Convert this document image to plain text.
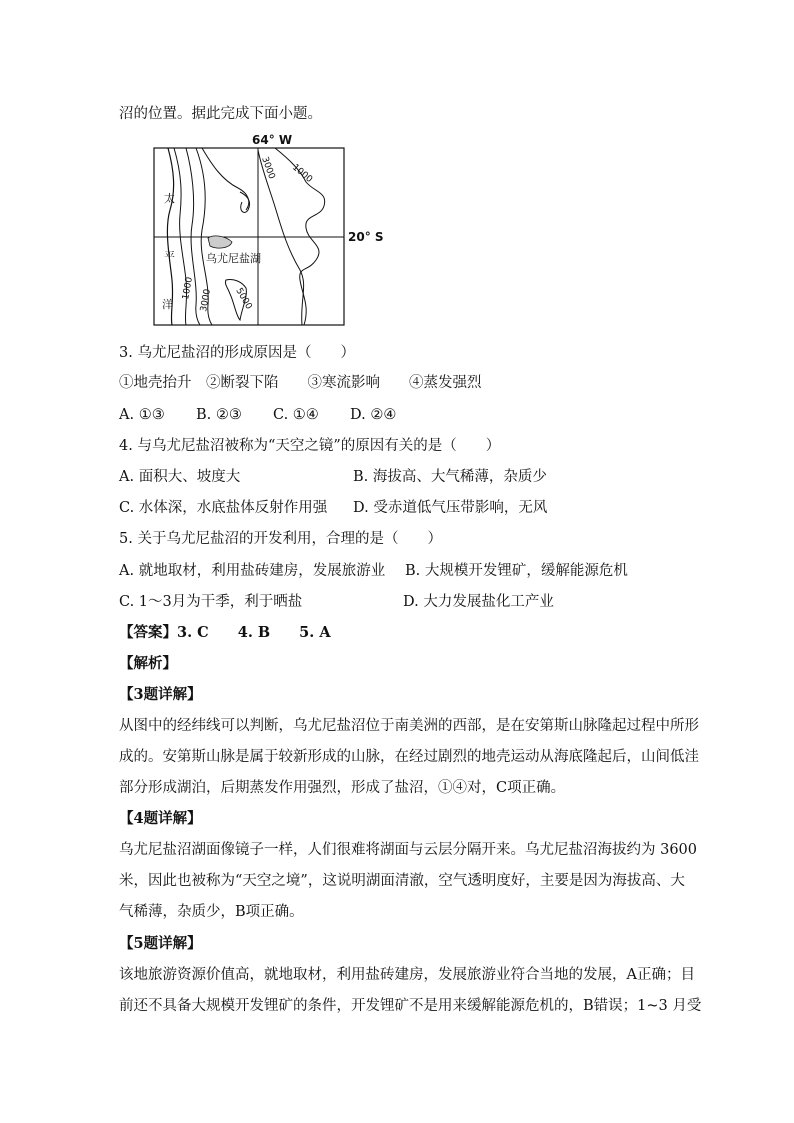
沼的位置。据此完成下面小题。
64° W
20° S
乌尤尼盐湖
太
平
洋
3000 1000
1000 3000 5000
3. 乌尤尼盐沼的形成原因是（　　）
①地壳抬升　②断裂下陷　　③寒流影响　　④蒸发强烈
A. ①③ B. ②③ C. ①④ D. ②④
4. 与乌尤尼盐沼被称为“天空之镜”的原因有关的是（　　）
A. 面积大、坡度大	B. 海拔高、大气稀薄，杂质少
C. 水体深，水底盐体反射作用强 D. 受赤道低气压带影响，无风
5. 关于乌尤尼盐沼的开发利用，合理的是（　　）
A. 就地取材，利用盐砖建房，发展旅游业 B. 大规模开发锂矿，缓解能源危机
C. 1～3月为干季，利于晒盐	D. 大力发展盐化工产业
【答案】3. C　　4. B　　5. A
【解析】
【3题详解】
从图中的经纬线可以判断，乌尤尼盐沼位于南美洲的西部，是在安第斯山脉隆起过程中所形
成的。安第斯山脉是属于较新形成的山脉，在经过剧烈的地壳运动从海底隆起后，山间低洼
部分形成湖泊，后期蒸发作用强烈，形成了盐沼，①④对，C项正确。
【4题详解】
乌尤尼盐沼湖面像镜子一样，人们很难将湖面与云层分隔开来。乌尤尼盐沼海拔约为 3600
米，因此也被称为“天空之境”，这说明湖面清澈，空气透明度好，主要是因为海拔高、大
气稀薄，杂质少，B项正确。
【5题详解】
该地旅游资源价值高，就地取材，利用盐砖建房，发展旅游业符合当地的发展，A正确；目
前还不具备大规模开发锂矿的条件，开发锂矿不是用来缓解能源危机的，B错误；1~3 月受
